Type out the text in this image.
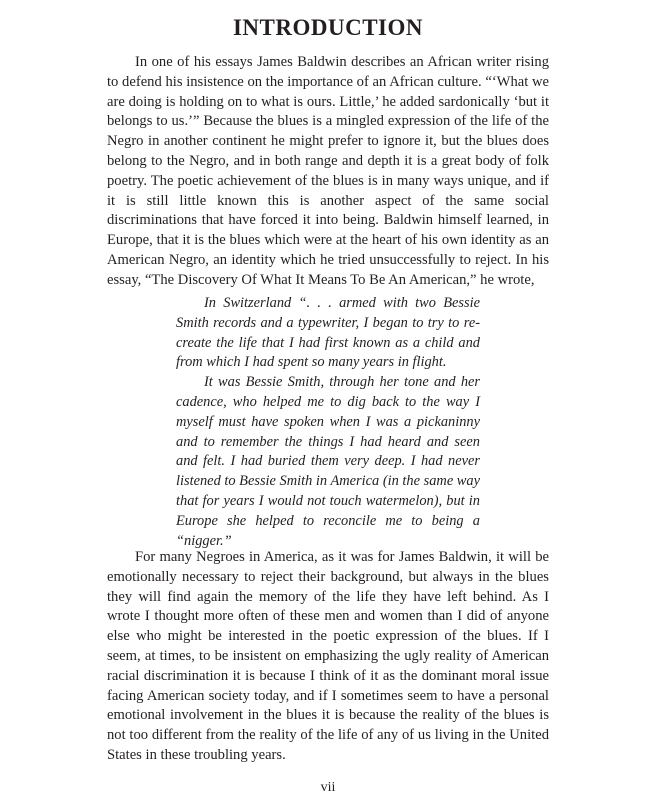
INTRODUCTION

In one of his essays James Baldwin describes an African writer rising to defend his insistence on the importance of an African culture. “‘What we are doing is holding on to what is ours. Little,’ he added sardonically ‘but it belongs to us.’” Because the blues is a mingled expression of the life of the Negro in another continent he might prefer to ignore it, but the blues does belong to the Negro, and in both range and depth it is a great body of folk poetry. The poetic achievement of the blues is in many ways unique, and if it is still little known this is another aspect of the same social discriminations that have forced it into being. Baldwin himself learned, in Europe, that it is the blues which were at the heart of his own identity as an American Negro, an identity which he tried unsuccessfully to reject. In his essay, “The Discovery Of What It Means To Be An American,” he wrote,

In Switzerland “. . . armed with two Bessie Smith records and a typewriter, I began to try to re-create the life that I had first known as a child and from which I had spent so many years in flight.

It was Bessie Smith, through her tone and her cadence, who helped me to dig back to the way I myself must have spoken when I was a pickaninny and to remember the things I had heard and seen and felt. I had buried them very deep. I had never listened to Bessie Smith in America (in the same way that for years I would not touch watermelon), but in Europe she helped to reconcile me to being a “nigger.”

For many Negroes in America, as it was for James Baldwin, it will be emotionally necessary to reject their background, but always in the blues they will find again the memory of the life they have left behind. As I wrote I thought more often of these men and women than I did of anyone else who might be interested in the poetic expression of the blues. If I seem, at times, to be insistent on emphasizing the ugly reality of American racial discrimination it is because I think of it as the dominant moral issue facing American society today, and if I sometimes seem to have a personal emotional involvement in the blues it is because the reality of the blues is not too different from the reality of the life of any of us living in the United States in these troubling years.

vii
